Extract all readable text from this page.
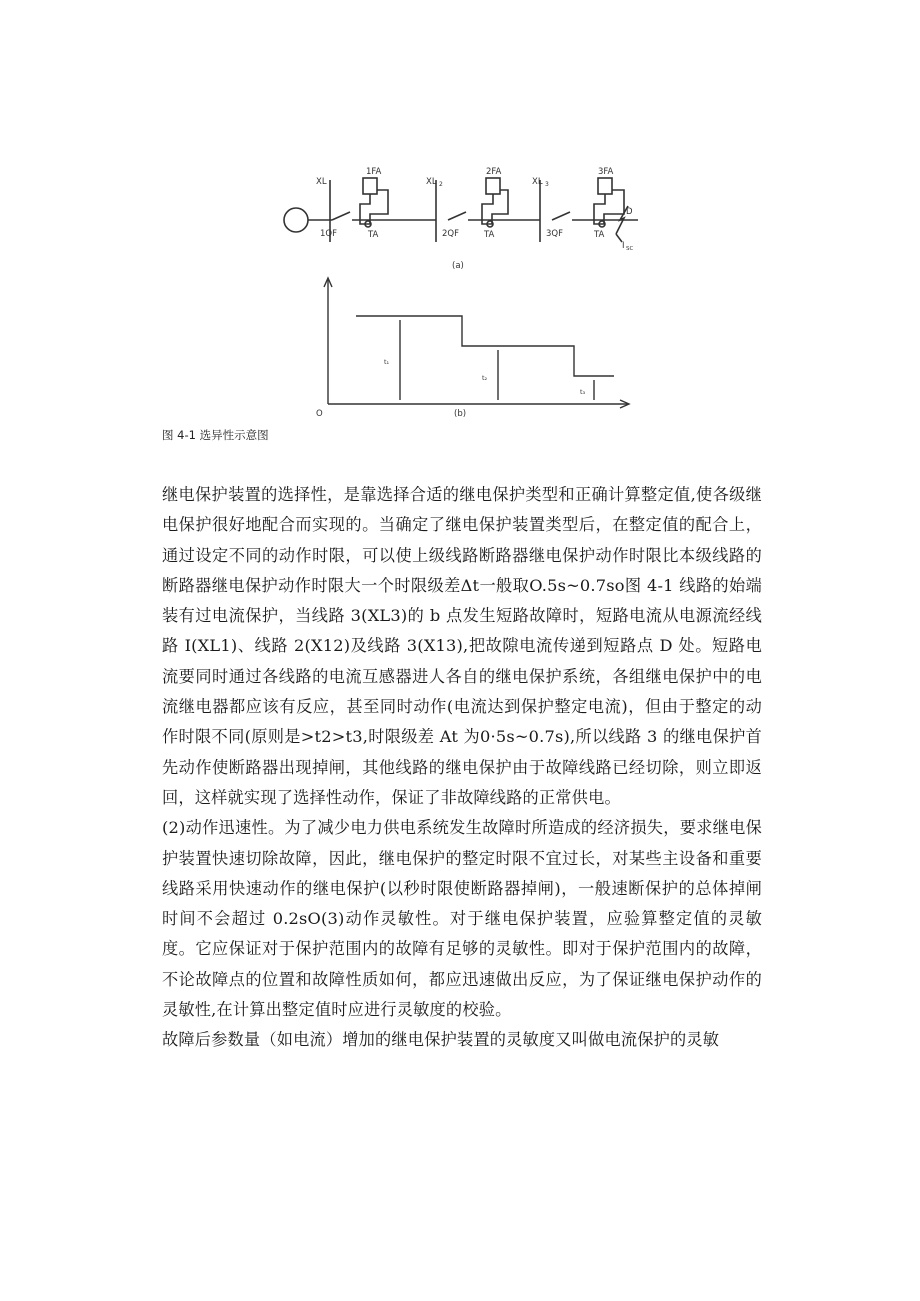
XL
1FA
1QF	TA
XL 2
2FA
2QF	TA
XL 3
3FA
3QF	TA
D
I SC
(a)
O
t₁
t₂
t₃
(b)
图 4-1 选异性示意图

继电保护装置的选择性，是靠选择合适的继电保护类型和正确计算整定值,使各级继电保护很好地配合而实现的。当确定了继电保护装置类型后，在整定值的配合上，通过设定不同的动作时限，可以使上级线路断路器继电保护动作时限比本级线路的断路器继电保护动作时限大一个时限级差Δt一般取O.5s~0.7so图 4-1 线路的始端装有过电流保护，当线路 3(XL3)的 b 点发生短路故障时，短路电流从电源流经线路 I(XL1)、线路 2(X12)及线路 3(X13),把故隙电流传递到短路点 D 处。短路电流要同时通过各线路的电流互感器进人各自的继电保护系统，各组继电保护中的电流继电器都应该有反应，甚至同时动作(电流达到保护整定电流)，但由于整定的动作时限不同(原则是>t2>t3,时限级差 At 为0·5s~0.7s),所以线路 3 的继电保护首先动作使断路器出现掉闸，其他线路的继电保护由于故障线路已经切除，则立即返回，这样就实现了选择性动作，保证了非故障线路的正常供电。

(2)动作迅速性。为了减少电力供电系统发生故障时所造成的经济损失，要求继电保护装置快速切除故障，因此，继电保护的整定时限不宜过长，对某些主设备和重要线路采用快速动作的继电保护(以秒时限使断路器掉闸)，一般速断保护的总体掉闸时间不会超过 0.2sO(3)动作灵敏性。对于继电保护装置，应验算整定值的灵敏度。它应保证对于保护范围内的故障有足够的灵敏性。即对于保护范围内的故障，不论故障点的位置和故障性质如何，都应迅速做出反应，为了保证继电保护动作的灵敏性,在计算出整定值时应进行灵敏度的校验。

故障后参数量（如电流）增加的继电保护装置的灵敏度又叫做电流保护的灵敏
